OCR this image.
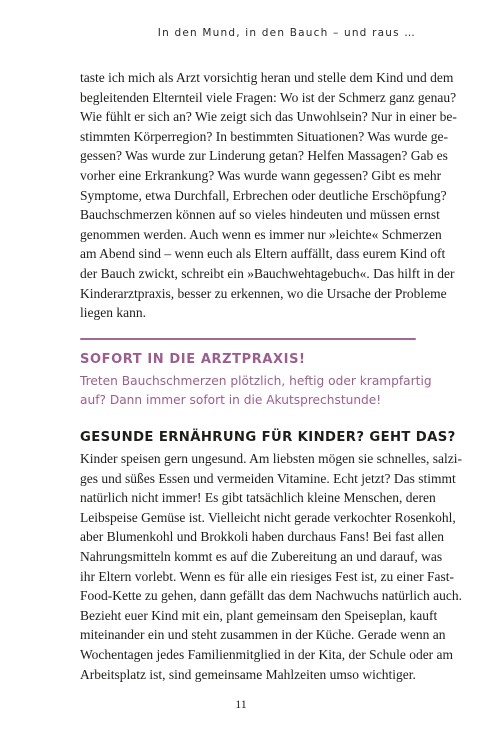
In den Mund, in den Bauch – und raus …
taste ich mich als Arzt vorsichtig heran und stelle dem Kind und dem
begleitenden Elternteil viele Fragen: Wo ist der Schmerz ganz genau?
Wie fühlt er sich an? Wie zeigt sich das Unwohlsein? Nur in einer be-
stimmten Körperregion? In bestimmten Situationen? Was wurde ge-
gessen? Was wurde zur Linderung getan? Helfen Massagen? Gab es
vorher eine Erkrankung? Was wurde wann gegessen? Gibt es mehr
Symptome, etwa Durchfall, Erbrechen oder deutliche Erschöpfung?
Bauchschmerzen können auf so vieles hindeuten und müssen ernst
genommen werden. Auch wenn es immer nur »leichte« Schmerzen
am Abend sind – wenn euch als Eltern auffällt, dass eurem Kind oft
der Bauch zwickt, schreibt ein »Bauchwehtagebuch«. Das hilft in der
Kinderarztpraxis, besser zu erkennen, wo die Ursache der Probleme
liegen kann.
SOFORT IN DIE ARZTPRAXIS!
Treten Bauchschmerzen plötzlich, heftig oder krampfartig
auf? Dann immer sofort in die Akutsprechstunde!
GESUNDE ERNÄHRUNG FÜR KINDER? GEHT DAS?
Kinder speisen gern ungesund. Am liebsten mögen sie schnelles, salzi-
ges und süßes Essen und vermeiden Vitamine. Echt jetzt? Das stimmt
natürlich nicht immer! Es gibt tatsächlich kleine Menschen, deren
Leibspeise Gemüse ist. Vielleicht nicht gerade verkochter Rosenkohl,
aber Blumenkohl und Brokkoli haben durchaus Fans! Bei fast allen
Nahrungsmitteln kommt es auf die Zubereitung an und darauf, was
ihr Eltern vorlebt. Wenn es für alle ein riesiges Fest ist, zu einer Fast-
Food-Kette zu gehen, dann gefällt das dem Nachwuchs natürlich auch.
Bezieht euer Kind mit ein, plant gemeinsam den Speiseplan, kauft
miteinander ein und steht zusammen in der Küche. Gerade wenn an
Wochentagen jedes Familienmitglied in der Kita, der Schule oder am
Arbeitsplatz ist, sind gemeinsame Mahlzeiten umso wichtiger.
11
